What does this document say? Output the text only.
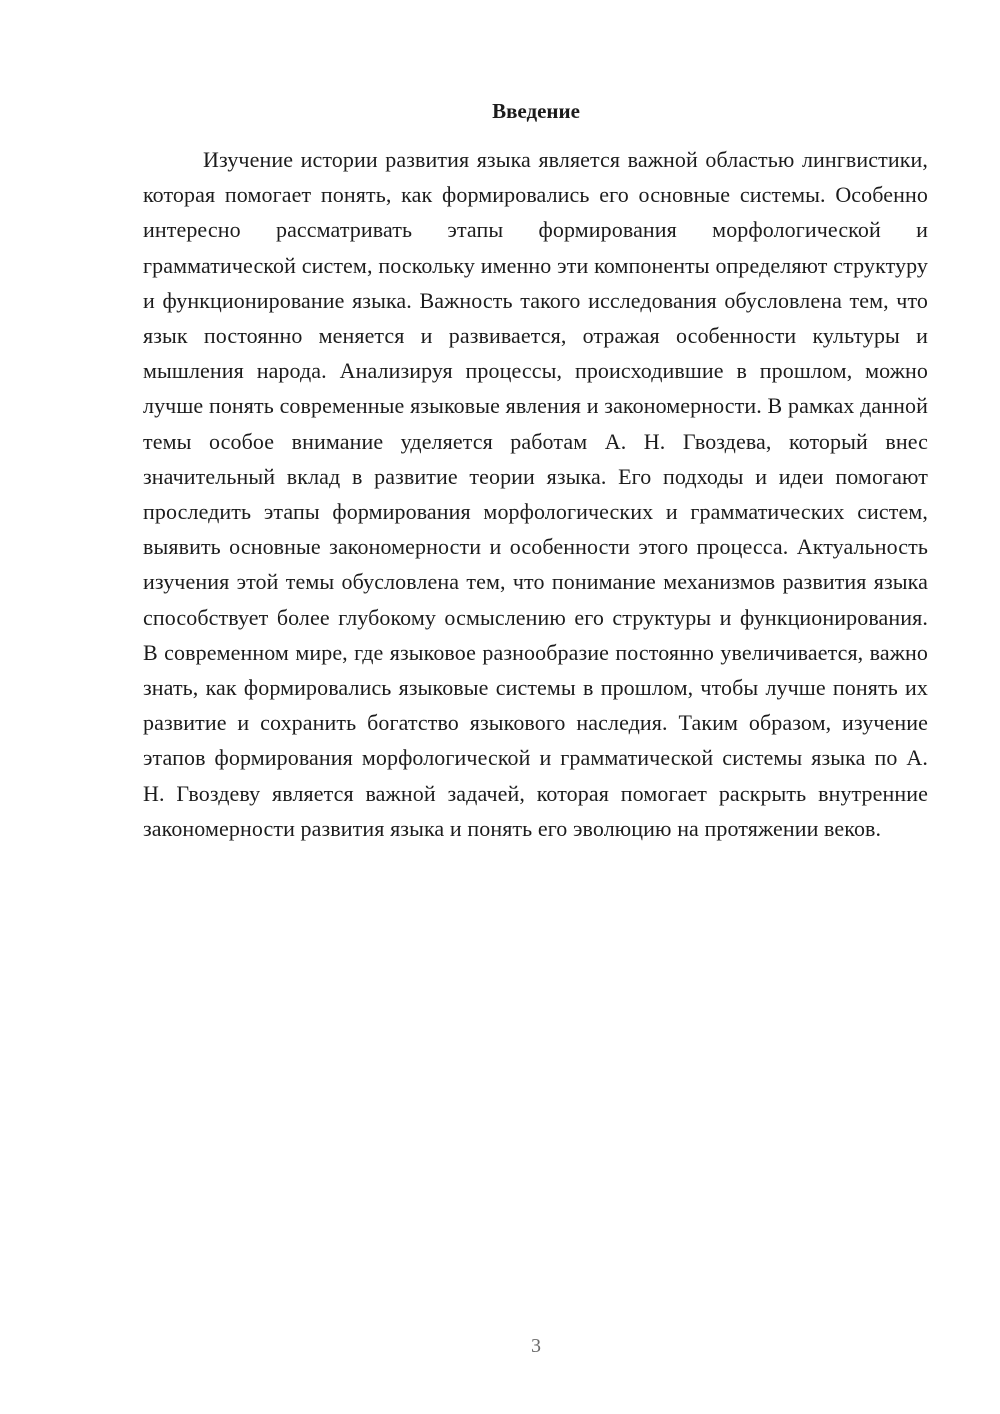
Введение

Изучение истории развития языка является важной областью лингвистики, которая помогает понять, как формировались его основные системы. Особенно интересно рассматривать этапы формирования морфологической и грамматической систем, поскольку именно эти компоненты определяют структуру и функционирование языка. Важность такого исследования обусловлена тем, что язык постоянно меняется и развивается, отражая особенности культуры и мышления народа. Анализируя процессы, происходившие в прошлом, можно лучше понять современные языковые явления и закономерности. В рамках данной темы особое внимание уделяется работам А. Н. Гвоздева, который внес значительный вклад в развитие теории языка. Его подходы и идеи помогают проследить этапы формирования морфологических и грамматических систем, выявить основные закономерности и особенности этого процесса. Актуальность изучения этой темы обусловлена тем, что понимание механизмов развития языка способствует более глубокому осмыслению его структуры и функционирования. В современном мире, где языковое разнообразие постоянно увеличивается, важно знать, как формировались языковые системы в прошлом, чтобы лучше понять их развитие и сохранить богатство языкового наследия. Таким образом, изучение этапов формирования морфологической и грамматической системы языка по А. Н. Гвоздеву является важной задачей, которая помогает раскрыть внутренние закономерности развития языка и понять его эволюцию на протяжении веков.

3
